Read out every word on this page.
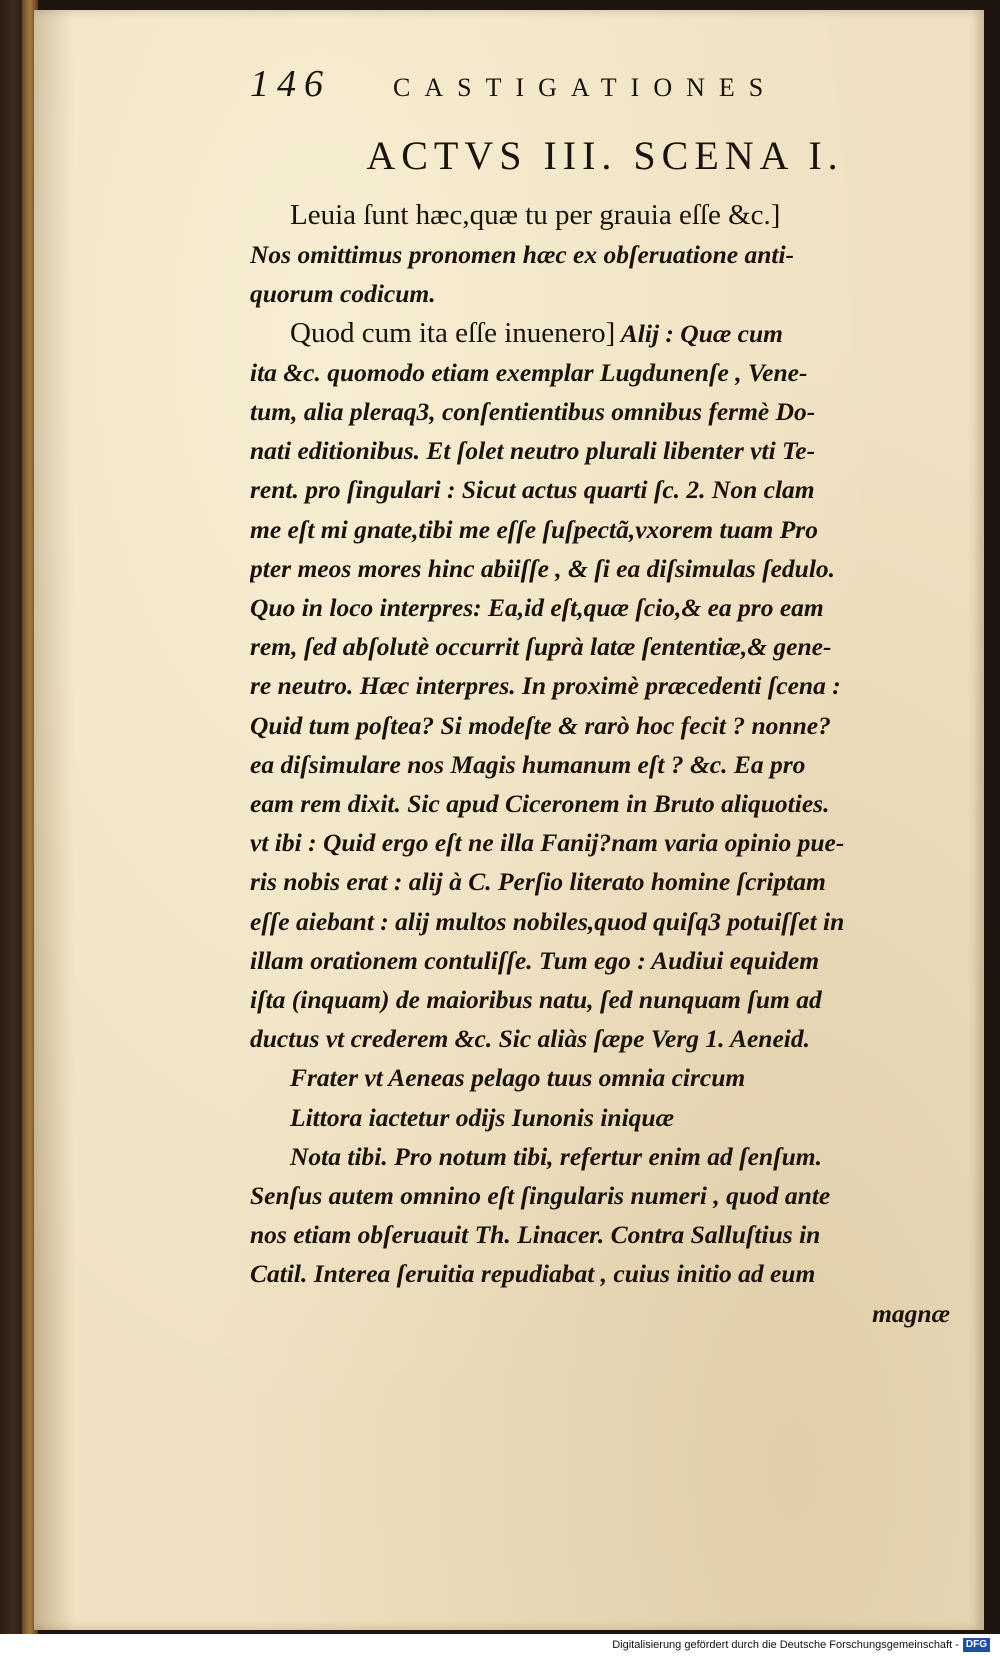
146 CASTIGATIONES
ACTVS III. SCENA I.
Leuia ſunt hæc,quæ tu per grauia eſſe &c.]
Nos omittimus pronomen hæc ex obſeruatione anti-
quorum codicum.
Quod cum ita eſſe inuenero] Alij : Quæ cum
ita &c. quomodo etiam exemplar Lugdunenſe , Vene-
tum, alia pleraq3, conſentientibus omnibus fermè Do-
nati editionibus. Et ſolet neutro plurali libenter vti Te-
rent. pro ſingulari : Sicut actus quarti ſc. 2. Non clam
me eſt mi gnate,tibi me eſſe ſuſpectã,vxorem tuam Pro
pter meos mores hinc abiiſſe , & ſi ea diſsimulas ſedulo.
Quo in loco interpres: Ea,id eſt,quæ ſcio,& ea pro eam
rem, ſed abſolutè occurrit ſuprà latæ ſententiæ,& gene-
re neutro. Hæc interpres. In proximè præcedenti ſcena :
Quid tum poſtea? Si modeſte & rarò hoc fecit ? nonne?
ea diſsimulare nos Magis humanum eſt ? &c. Ea pro
eam rem dixit. Sic apud Ciceronem in Bruto aliquoties.
vt ibi : Quid ergo eſt ne illa Fanij?nam varia opinio pue-
ris nobis erat : alij à C. Perſio literato homine ſcriptam
eſſe aiebant : alij multos nobiles,quod quiſq3 potuiſſet in
illam orationem contuliſſe. Tum ego : Audiui equidem
iſta (inquam) de maioribus natu, ſed nunquam ſum ad
ductus vt crederem &c. Sic aliàs ſæpe Verg 1. Aeneid.
Frater vt Aeneas pelago tuus omnia circum
Littora iactetur odijs Iunonis iniquæ
Nota tibi. Pro notum tibi, refertur enim ad ſenſum.
Senſus autem omnino eſt ſingularis numeri , quod ante
nos etiam obſeruauit Th. Linacer. Contra Salluſtius in
Catil. Interea ſeruitia repudiabat , cuius initio ad eum
magnæ
Digitalisierung gefördert durch die Deutsche Forschungsgemeinschaft - DFG
